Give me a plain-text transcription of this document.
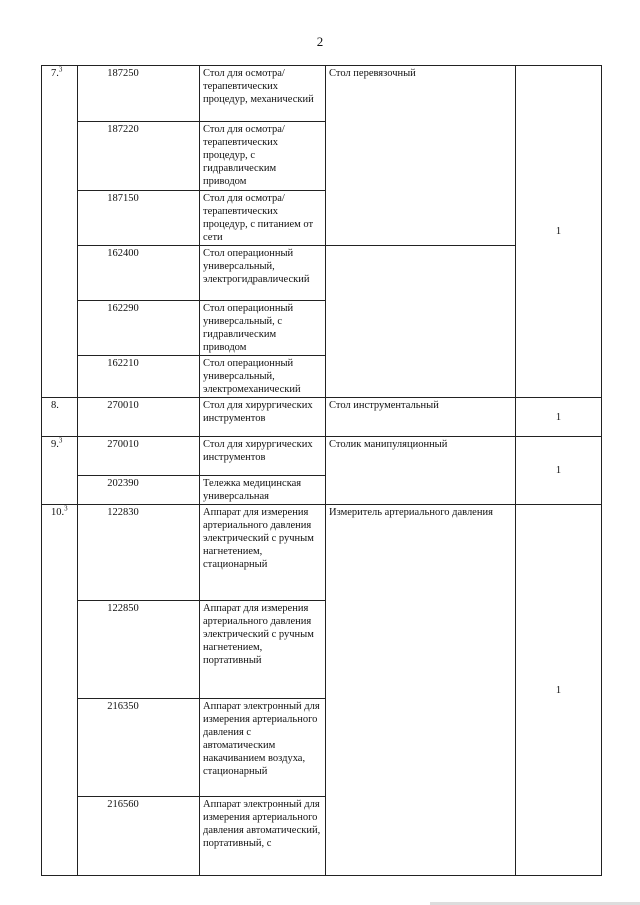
2
7.$^3$	187250	Стол для осмотра/терапевтических процедур, механический	Стол перевязочный	1
	187220	Стол для осмотра/терапевтических процедур, с гидравлическим приводом		
	187150	Стол для осмотра/терапевтических процедур, с питанием от сети		
	162400	Стол операционный универсальный, электрогидравлический		
	162290	Стол операционный универсальный, с гидравлическим приводом		
	162210	Стол операционный универсальный, электромеханический		
8.	270010	Стол для хирургических инструментов	Стол инструментальный	1
9.$^3$	270010	Стол для хирургических инструментов	Столик манипуляционный	1
	202390	Тележка медицинская универсальная		
10.$^3$	122830	Аппарат для измерения артериального давления электрический с ручным нагнетением, стационарный	Измеритель артериального давления	1
	122850	Аппарат для измерения артериального давления электрический с ручным нагнетением, портативный		
	216350	Аппарат электронный для измерения артериального давления с автоматическим накачиванием воздуха, стационарный		
	216560	Аппарат электронный для измерения артериального давления автоматический, портативный, с		
